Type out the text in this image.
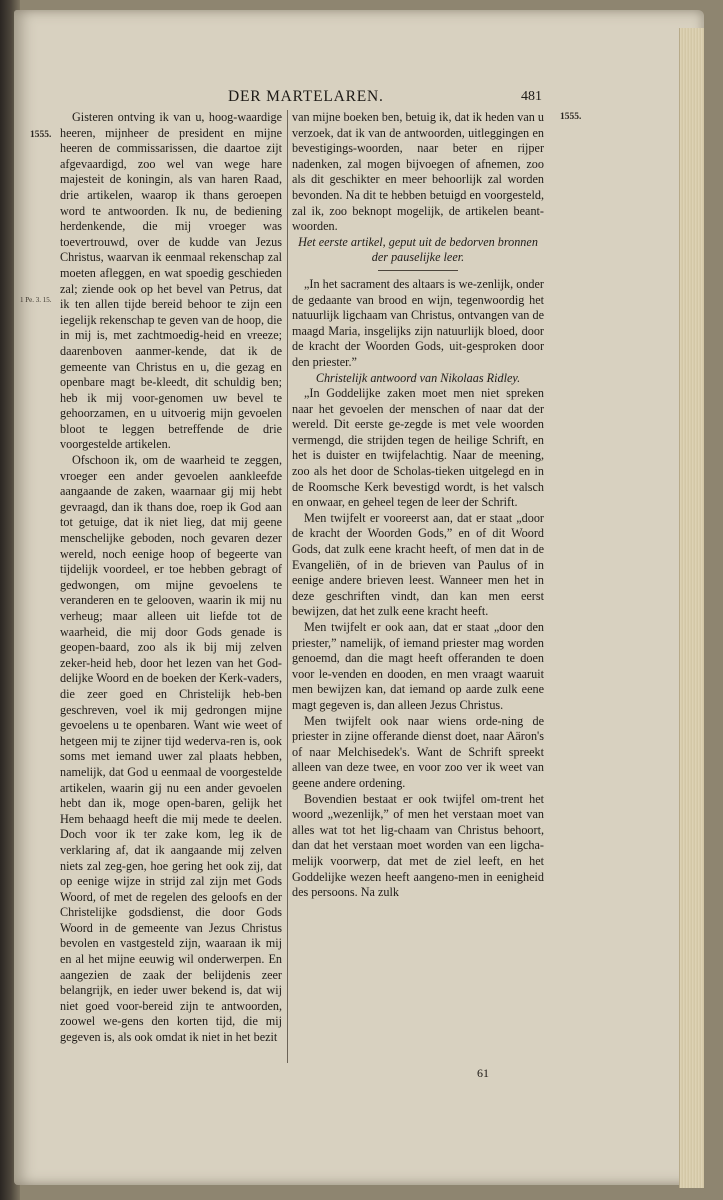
DER MARTELAREN.	481
1555.
1555.
1 Pe. 3. 15.

Gisteren ontving ik van u, hoog-waardige heeren, mijnheer de president en mijne heeren de commissarissen, die daartoe zijt afgevaardigd, zoo wel van wege hare majesteit de koningin, als van haren Raad, drie artikelen, waarop ik thans geroepen word te antwoorden. Ik nu, de bediening herdenkende, die mij vroeger was toevertrouwd, over de kudde van Jezus Christus, waarvan ik eenmaal rekenschap zal moeten afleggen, en wat spoedig geschieden zal; ziende ook op het bevel van Petrus, dat ik ten allen tijde bereid behoor te zijn een iegelijk rekenschap te geven van de hoop, die in mij is, met zachtmoedig-heid en vreeze; daarenboven aanmer-kende, dat ik de gemeente van Christus en u, die gezag en openbare magt be-kleedt, dit schuldig ben; heb ik mij voor-genomen uw bevel te gehoorzamen, en u uitvoerig mijn gevoelen bloot te leggen betreffende de drie voorgestelde artikelen.

Ofschoon ik, om de waarheid te zeggen, vroeger een ander gevoelen aankleefde aangaande de zaken, waarnaar gij mij hebt gevraagd, dan ik thans doe, roep ik God aan tot getuige, dat ik niet lieg, dat mij geene menschelijke geboden, noch gevaren dezer wereld, noch eenige hoop of begeerte van tijdelijk voordeel, er toe hebben gebragt of gedwongen, om mijne gevoelens te veranderen en te gelooven, waarin ik mij nu verheug; maar alleen uit liefde tot de waarheid, die mij door Gods genade is geopen-baard, zoo als ik bij mij zelven zeker-heid heb, door het lezen van het God-delijke Woord en de boeken der Kerk-vaders, die zeer goed en Christelijk heb-ben geschreven, voel ik mij gedrongen mijne gevoelens u te openbaren. Want wie weet of hetgeen mij te zijner tijd wederva-ren is, ook soms met iemand uwer zal plaats hebben, namelijk, dat God u eenmaal de voorgestelde artikelen, waarin gij nu een ander gevoelen hebt dan ik, moge open-baren, gelijk het Hem behaagd heeft die mij mede te deelen. Doch voor ik ter zake kom, leg ik de verklaring af, dat ik aangaande mij zelven niets zal zeg-gen, hoe gering het ook zij, dat op eenige wijze in strijd zal zijn met Gods Woord, of met de regelen des geloofs en der Christelijke godsdienst, die door Gods Woord in de gemeente van Jezus Christus bevolen en vastgesteld zijn, waaraan ik mij en al het mijne eeuwig wil onderwerpen. En aangezien de zaak der belijdenis zeer belangrijk, en ieder uwer bekend is, dat wij niet goed voor-bereid zijn te antwoorden, zoowel we-gens den korten tijd, die mij gegeven is, als ook omdat ik niet in het bezit

van mijne boeken ben, betuig ik, dat ik heden van u verzoek, dat ik van de antwoorden, uitleggingen en bevestigings-woorden, naar beter en rijper nadenken, zal mogen bijvoegen of afnemen, zoo als dit geschikter en meer behoorlijk zal worden bevonden. Na dit te hebben betuigd en voorgesteld, zal ik, zoo beknopt mogelijk, de artikelen beant-woorden.

Het eerste artikel, geput uit de bedorven bronnen der pauselijke leer.

„In het sacrament des altaars is we-zenlijk, onder de gedaante van brood en wijn, tegenwoordig het natuurlijk ligchaam van Christus, ontvangen van de maagd Maria, insgelijks zijn natuurlijk bloed, door de kracht der Woorden Gods, uit-gesproken door den priester.”

Christelijk antwoord van Nikolaas Ridley.

„In Goddelijke zaken moet men niet spreken naar het gevoelen der menschen of naar dat der wereld. Dit eerste ge-zegde is met vele woorden vermengd, die strijden tegen de heilige Schrift, en het is duister en twijfelachtig. Naar de meening, zoo als het door de Scholas-tieken uitgelegd en in de Roomsche Kerk bevestigd wordt, is het valsch en onwaar, en geheel tegen de leer der Schrift.

Men twijfelt er vooreerst aan, dat er staat „door de kracht der Woorden Gods,” en of dit Woord Gods, dat zulk eene kracht heeft, of men dat in de Evangeliën, of in de brieven van Paulus of in eenige andere brieven leest. Wanneer men het in deze geschriften vindt, dan kan men eerst bewijzen, dat het zulk eene kracht heeft.

Men twijfelt er ook aan, dat er staat „door den priester,” namelijk, of iemand priester mag worden genoemd, dan die magt heeft offeranden te doen voor le-venden en dooden, en men vraagt waaruit men bewijzen kan, dat iemand op aarde zulk eene magt gegeven is, dan alleen Jezus Christus.

Men twijfelt ook naar wiens orde-ning de priester in zijne offerande dienst doet, naar Aäron's of naar Melchisedek's. Want de Schrift spreekt alleen van deze twee, en voor zoo ver ik weet van geene andere ordening.

Bovendien bestaat er ook twijfel om-trent het woord „wezenlijk,” of men het verstaan moet van alles wat tot het lig-chaam van Christus behoort, dan dat het verstaan moet worden van een ligcha-melijk voorwerp, dat met de ziel leeft, en het Goddelijke wezen heeft aangeno-men in eenigheid des persoons. Na zulk

61
